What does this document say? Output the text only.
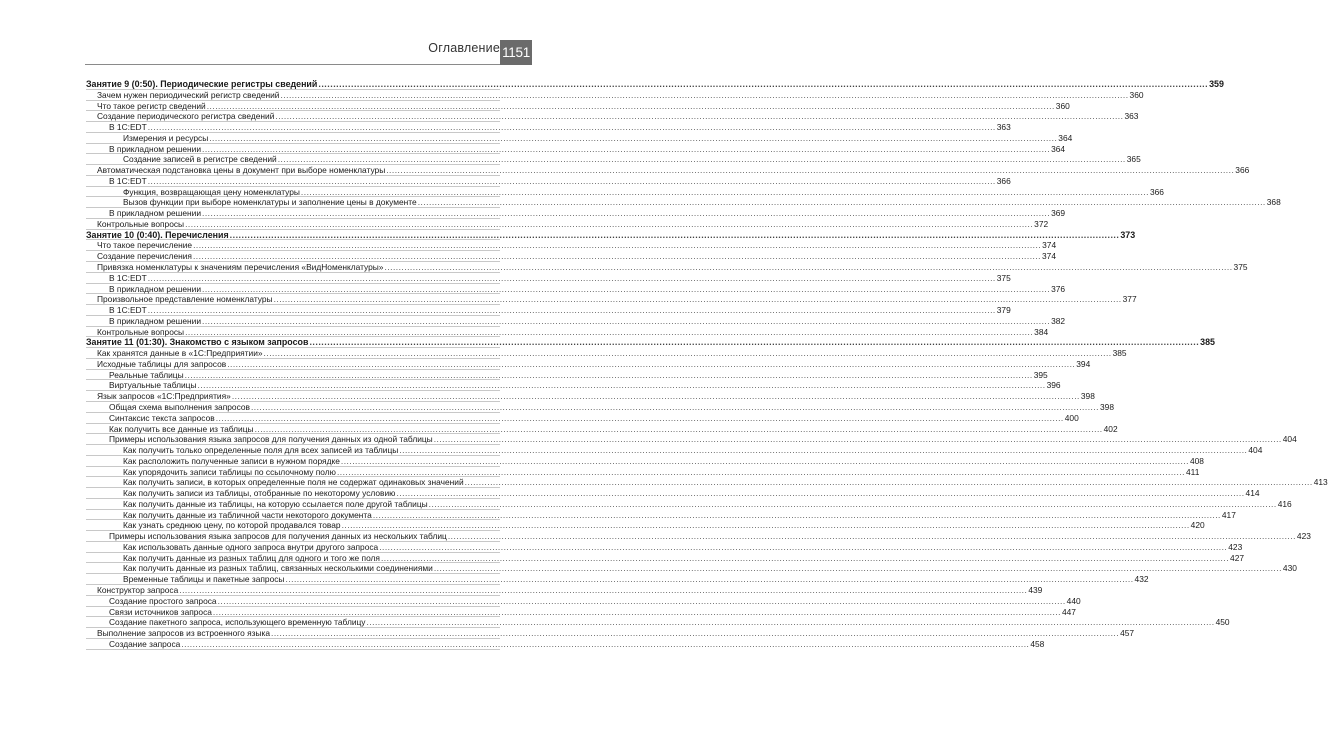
Оглавление 1151
Занятие 9 (0:50). Периодические регистры сведений ............................................................................................................................................................................................................................................................................................................ 359
Зачем нужен периодический регистр сведений ............................................................................................................................................................................................................................................................................................................ 360
Что такое регистр сведений ............................................................................................................................................................................................................................................................................................................ 360
Создание периодического регистра сведений ............................................................................................................................................................................................................................................................................................................ 363
В 1C:EDT ............................................................................................................................................................................................................................................................................................................ 363
Измерения и ресурсы ............................................................................................................................................................................................................................................................................................................ 364
В прикладном решении ............................................................................................................................................................................................................................................................................................................ 364
Создание записей в регистре сведений ............................................................................................................................................................................................................................................................................................................ 365
Автоматическая подстановка цены в документ при выборе номенклатуры ............................................................................................................................................................................................................................................................................................................ 366
В 1C:EDT ............................................................................................................................................................................................................................................................................................................ 366
Функция, возвращающая цену номенклатуры ............................................................................................................................................................................................................................................................................................................ 366
Вызов функции при выборе номенклатуры и заполнение цены в документе ............................................................................................................................................................................................................................................................................................................ 368
В прикладном решении ............................................................................................................................................................................................................................................................................................................ 369
Контрольные вопросы ............................................................................................................................................................................................................................................................................................................ 372
Занятие 10 (0:40). Перечисления ............................................................................................................................................................................................................................................................................................................ 373
Что такое перечисление ............................................................................................................................................................................................................................................................................................................ 374
Создание перечисления ............................................................................................................................................................................................................................................................................................................ 374
Привязка номенклатуры к значениям перечисления «ВидНоменклатуры» ............................................................................................................................................................................................................................................................................................................ 375
В 1C:EDT ............................................................................................................................................................................................................................................................................................................ 375
В прикладном решении ............................................................................................................................................................................................................................................................................................................ 376
Произвольное представление номенклатуры ............................................................................................................................................................................................................................................................................................................ 377
В 1C:EDT ............................................................................................................................................................................................................................................................................................................ 379
В прикладном решении ............................................................................................................................................................................................................................................................................................................ 382
Контрольные вопросы ............................................................................................................................................................................................................................................................................................................ 384
Занятие 11 (01:30). Знакомство с языком запросов ............................................................................................................................................................................................................................................................................................................ 385
Как хранятся данные в «1С:Предприятии» ............................................................................................................................................................................................................................................................................................................ 385
Исходные таблицы для запросов ............................................................................................................................................................................................................................................................................................................ 394
Реальные таблицы ............................................................................................................................................................................................................................................................................................................ 395
Виртуальные таблицы ............................................................................................................................................................................................................................................................................................................ 396
Язык запросов «1С:Предприятия» ............................................................................................................................................................................................................................................................................................................ 398
Общая схема выполнения запросов ............................................................................................................................................................................................................................................................................................................ 398
Синтаксис текста запросов ............................................................................................................................................................................................................................................................................................................ 400
Как получить все данные из таблицы ............................................................................................................................................................................................................................................................................................................ 402
Примеры использования языка запросов для получения данных из одной таблицы ............................................................................................................................................................................................................................................................................................................ 404
Как получить только определенные поля для всех записей из таблицы ............................................................................................................................................................................................................................................................................................................ 404
Как расположить полученные записи в нужном порядке ............................................................................................................................................................................................................................................................................................................ 408
Как упорядочить записи таблицы по ссылочному полю ............................................................................................................................................................................................................................................................................................................ 411
Как получить записи, в которых определенные поля не содержат одинаковых значений ............................................................................................................................................................................................................................................................................................................ 413
Как получить записи из таблицы, отобранные по некоторому условию ............................................................................................................................................................................................................................................................................................................ 414
Как получить данные из таблицы, на которую ссылается поле другой таблицы ............................................................................................................................................................................................................................................................................................................ 416
Как получить данные из табличной части некоторого документа ............................................................................................................................................................................................................................................................................................................ 417
Как узнать среднюю цену, по которой продавался товар ............................................................................................................................................................................................................................................................................................................ 420
Примеры использования языка запросов для получения данных из нескольких таблиц ............................................................................................................................................................................................................................................................................................................ 423
Как использовать данные одного запроса внутри другого запроса ............................................................................................................................................................................................................................................................................................................ 423
Как получить данные из разных таблиц для одного и того же поля ............................................................................................................................................................................................................................................................................................................ 427
Как получить данные из разных таблиц, связанных несколькими соединениями ............................................................................................................................................................................................................................................................................................................ 430
Временные таблицы и пакетные запросы ............................................................................................................................................................................................................................................................................................................ 432
Конструктор запроса ............................................................................................................................................................................................................................................................................................................ 439
Создание простого запроса ............................................................................................................................................................................................................................................................................................................ 440
Связи источников запроса ............................................................................................................................................................................................................................................................................................................ 447
Создание пакетного запроса, использующего временную таблицу ............................................................................................................................................................................................................................................................................................................ 450
Выполнение запросов из встроенного языка ............................................................................................................................................................................................................................................................................................................ 457
Создание запроса ............................................................................................................................................................................................................................................................................................................ 458
